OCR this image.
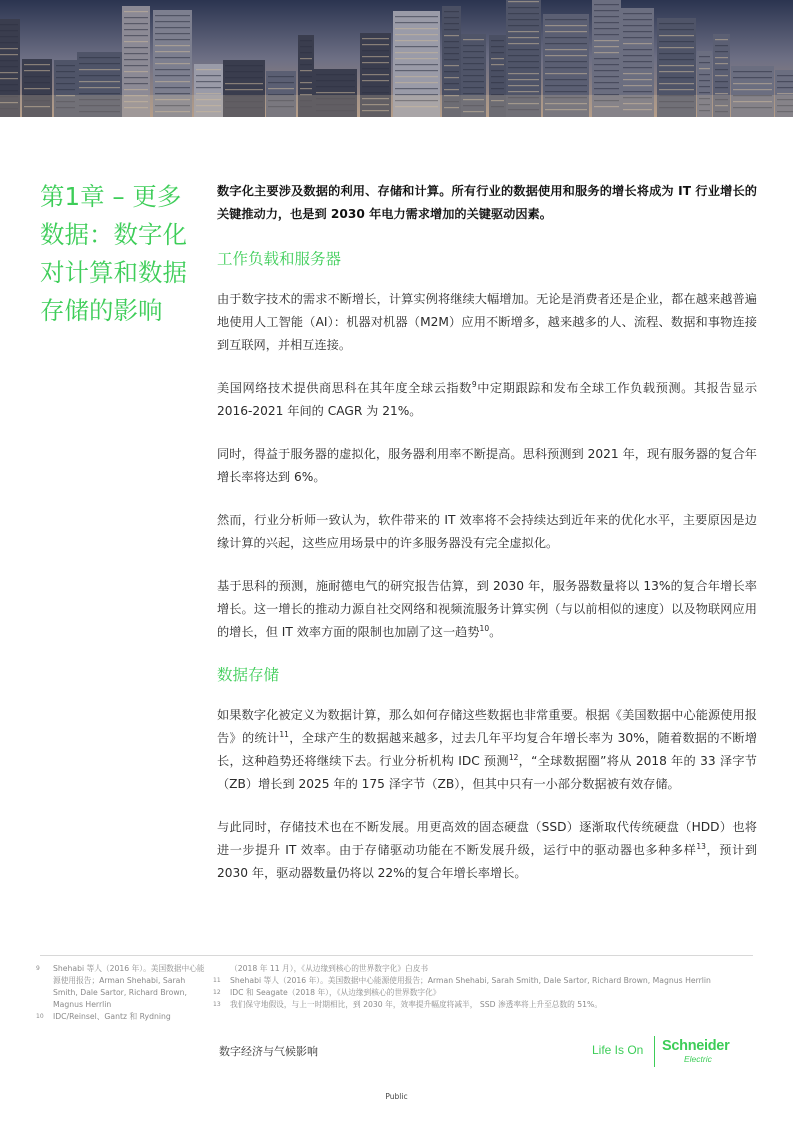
第1章 – 更多数据：数字化对计算和数据存储的影响

数字化主要涉及数据的利用、存储和计算。所有行业的数据使用和服务的增长将成为 IT 行业增长的关键推动力，也是到 2030 年电力需求增加的关键驱动因素。

工作负载和服务器

由于数字技术的需求不断增长，计算实例将继续大幅增加。无论是消费者还是企业，都在越来越普遍地使用人工智能（AI）：机器对机器（M2M）应用不断增多，越来越多的人、流程、数据和事物连接到互联网，并相互连接。

美国网络技术提供商思科在其年度全球云指数$^9$中定期跟踪和发布全球工作负载预测。其报告显示 2016-2021 年间的 CAGR 为 21%。

同时，得益于服务器的虚拟化，服务器利用率不断提高。思科预测到 2021 年，现有服务器的复合年增长率将达到 6%。

然而，行业分析师一致认为，软件带来的 IT 效率将不会持续达到近年来的优化水平，主要原因是边缘计算的兴起，这些应用场景中的许多服务器没有完全虚拟化。

基于思科的预测，施耐德电气的研究报告估算，到 2030 年，服务器数量将以 13%的复合年增长率增长。这一增长的推动力源自社交网络和视频流服务计算实例（与以前相似的速度）以及物联网应用的增长，但 IT 效率方面的限制也加剧了这一趋势$^{10}$。

数据存储

如果数字化被定义为数据计算，那么如何存储这些数据也非常重要。根据《美国数据中心能源使用报告》的统计$^{11}$，全球产生的数据越来越多，过去几年平均复合年增长率为 30%，随着数据的不断增长，这种趋势还将继续下去。行业分析机构 IDC 预测$^{12}$，“全球数据圈”将从 2018 年的 33 泽字节（ZB）增长到 2025 年的 175 泽字节（ZB），但其中只有一小部分数据被有效存储。

与此同时，存储技术也在不断发展。用更高效的固态硬盘（SSD）逐渐取代传统硬盘（HDD）也将进一步提升 IT 效率。由于存储驱动功能在不断发展升级，运行中的驱动器也多种多样$^{13}$，预计到 2030 年，驱动器数量仍将以 22%的复合年增长率增长。

9	Shehabi 等人（2016 年）。美国数据中心能源使用报告；Arman Shehabi, Sarah Smith, Dale Sartor, Richard Brown, Magnus Herrlin
10	IDC/Reinsel、Gantz 和 Rydning
（2018 年 11 月），《从边缘到核心的世界数字化》白皮书
11	Shehabi 等人（2016 年）。美国数据中心能源使用报告；Arman Shehabi, Sarah Smith, Dale Sartor, Richard Brown, Magnus Herrlin
12	IDC 和 Seagate（2018 年），《从边缘到核心的世界数字化》
13	我们保守地假设，与上一时期相比，到 2030 年，效率提升幅度将减半， SSD 渗透率将上升至总数的 51%。
数字经济与气候影响	Life Is On Schneider
Electric
Public
